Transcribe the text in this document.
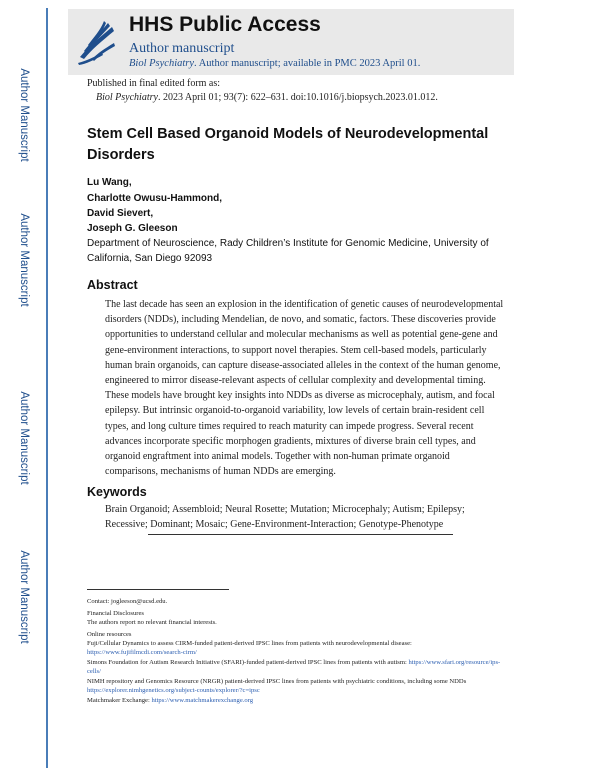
Author Manuscript
Author Manuscript
Author Manuscript
Author Manuscript
HHS Public Access
Author manuscript
Biol Psychiatry. Author manuscript; available in PMC 2023 April 01.
Published in final edited form as:
Biol Psychiatry. 2023 April 01; 93(7): 622–631. doi:10.1016/j.biopsych.2023.01.012.
Stem Cell Based Organoid Models of Neurodevelopmental Disorders
Lu Wang,
Charlotte Owusu-Hammond,
David Sievert,
Joseph G. Gleeson
Department of Neuroscience, Rady Children’s Institute for Genomic Medicine, University of California, San Diego 92093
Abstract
The last decade has seen an explosion in the identification of genetic causes of neurodevelopmental disorders (NDDs), including Mendelian, de novo, and somatic, factors. These discoveries provide opportunities to understand cellular and molecular mechanisms as well as potential gene-gene and gene-environment interactions, to support novel therapies. Stem cell-based models, particularly human brain organoids, can capture disease-associated alleles in the context of the human genome, engineered to mirror disease-relevant aspects of cellular complexity and developmental timing. These models have brought key insights into NDDs as diverse as microcephaly, autism, and focal epilepsy. But intrinsic organoid-to-organoid variability, low levels of certain brain-resident cell types, and long culture times required to reach maturity can impede progress. Several recent advances incorporate specific morphogen gradients, mixtures of diverse brain cell types, and organoid engraftment into animal models. Together with non-human primate organoid comparisons, mechanisms of human NDDs are emerging.
Keywords
Brain Organoid; Assembloid; Neural Rosette; Mutation; Microcephaly; Autism; Epilepsy; Recessive; Dominant; Mosaic; Gene-Environment-Interaction; Genotype-Phenotype
Contact: jogleeson@ucsd.edu.
Financial Disclosures
The authors report no relevant financial interests.
Online resources
Fuji/Cellular Dynamics to assess CIRM-funded patient-derived IPSC lines from patients with neurodevelopmental disease: https://www.fujifilmcdi.com/search-cirm/
Simons Foundation for Autism Research Initiative (SFARI)-funded patient-derived IPSC lines from patients with autism: https://www.sfari.org/resource/ips-cells/
NIMH repository and Genomics Resource (NRGR) patient-derived IPSC lines from patients with psychiatric conditions, including some NDDs https://explorer.nimhgenetics.org/subject-counts/explorer/?c=ipsc
Matchmaker Exchange: https://www.matchmakerexchange.org
